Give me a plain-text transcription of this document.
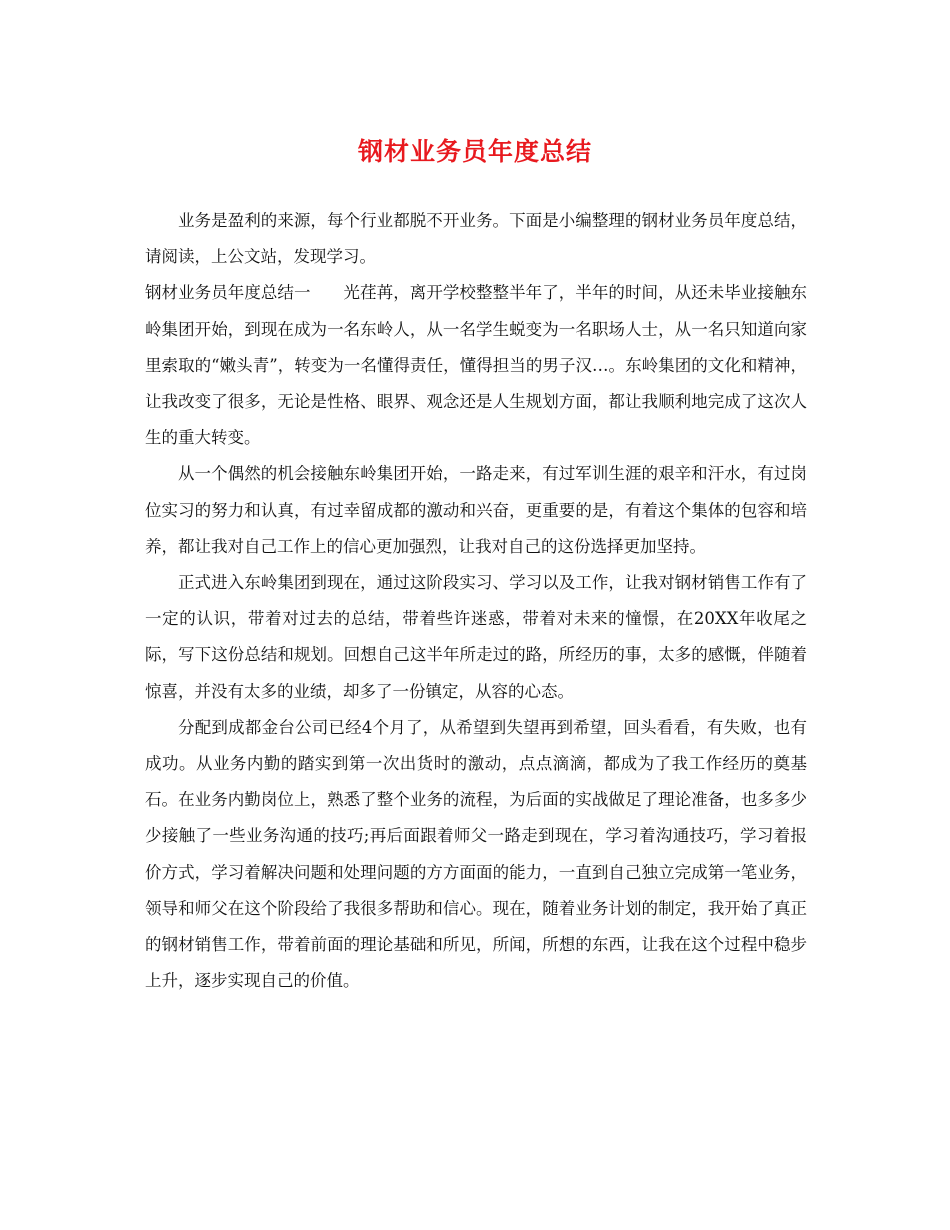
钢材业务员年度总结

业务是盈利的来源，每个行业都脱不开业务。下面是小编整理的钢材业务员年度总结，请阅读，上公文站，发现学习。

钢材业务员年度总结一 光荏苒，离开学校整整半年了，半年的时间，从还未毕业接触东岭集团开始，到现在成为一名东岭人，从一名学生蜕变为一名职场人士，从一名只知道向家里索取的“嫩头青”，转变为一名懂得责任，懂得担当的男子汉…。东岭集团的文化和精神，让我改变了很多，无论是性格、眼界、观念还是人生规划方面，都让我顺利地完成了这次人生的重大转变。

从一个偶然的机会接触东岭集团开始，一路走来，有过军训生涯的艰辛和汗水，有过岗位实习的努力和认真，有过幸留成都的激动和兴奋，更重要的是，有着这个集体的包容和培养，都让我对自己工作上的信心更加强烈，让我对自己的这份选择更加坚持。

正式进入东岭集团到现在，通过这阶段实习、学习以及工作，让我对钢材销售工作有了一定的认识，带着对过去的总结，带着些许迷惑，带着对未来的憧憬，在20XX年收尾之际，写下这份总结和规划。回想自己这半年所走过的路，所经历的事，太多的感慨，伴随着惊喜，并没有太多的业绩，却多了一份镇定，从容的心态。

分配到成都金台公司已经4个月了，从希望到失望再到希望，回头看看，有失败，也有成功。从业务内勤的踏实到第一次出货时的激动，点点滴滴，都成为了我工作经历的奠基石。在业务内勤岗位上，熟悉了整个业务的流程，为后面的实战做足了理论准备，也多多少少接触了一些业务沟通的技巧;再后面跟着师父一路走到现在，学习着沟通技巧，学习着报价方式，学习着解决问题和处理问题的方方面面的能力，一直到自己独立完成第一笔业务，领导和师父在这个阶段给了我很多帮助和信心。现在，随着业务计划的制定，我开始了真正的钢材销售工作，带着前面的理论基础和所见，所闻，所想的东西，让我在这个过程中稳步上升，逐步实现自己的价值。
